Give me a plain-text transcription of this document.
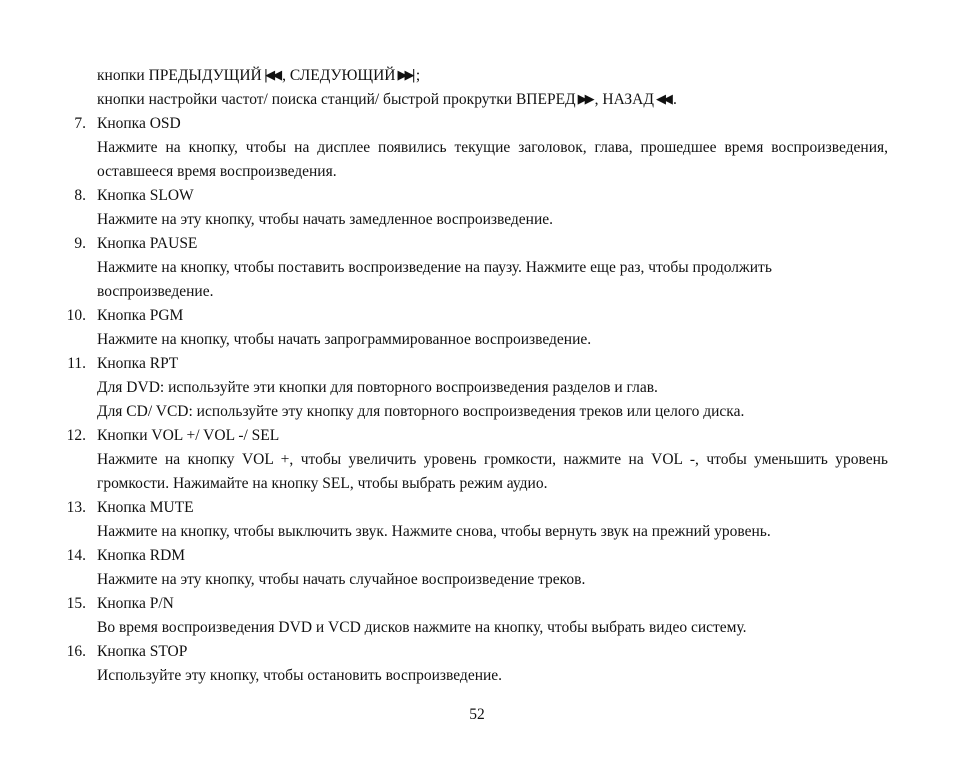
кнопки ПРЕДЫДУЩИЙ |◀◀ , СЛЕДУЮЩИЙ ▶▶| ;
кнопки настройки частот/ поиска станций/ быстрой прокрутки ВПЕРЕД ▶▶ , НАЗАД ◀◀ .
7. Кнопка OSD
Нажмите на кнопку, чтобы на дисплее появились текущие заголовок, глава, прошедшее время воспроизведения, оставшееся время воспроизведения.
8. Кнопка SLOW
Нажмите на эту кнопку, чтобы начать замедленное воспроизведение.
9. Кнопка PAUSE
Нажмите на кнопку, чтобы поставить воспроизведение на паузу. Нажмите еще раз, чтобы продолжить воспроизведение.
10. Кнопка PGM
Нажмите на кнопку, чтобы начать запрограммированное воспроизведение.
11. Кнопка RPT
Для DVD: используйте эти кнопки для повторного воспроизведения разделов и глав.
Для CD/ VCD: используйте эту кнопку для повторного воспроизведения треков или целого диска.
12. Кнопки VOL +/ VOL -/ SEL
Нажмите на кнопку VOL +, чтобы увеличить уровень громкости, нажмите на VOL -, чтобы уменьшить уровень громкости. Нажимайте на кнопку SEL, чтобы выбрать режим аудио.
13. Кнопка MUTE
Нажмите на кнопку, чтобы выключить звук. Нажмите снова, чтобы вернуть звук на прежний уровень.
14. Кнопка RDM
Нажмите на эту кнопку, чтобы начать случайное воспроизведение треков.
15. Кнопка P/N
Во время воспроизведения DVD и VCD дисков нажмите на кнопку, чтобы выбрать видео систему.
16. Кнопка STOP
Используйте эту кнопку, чтобы остановить воспроизведение.
52
